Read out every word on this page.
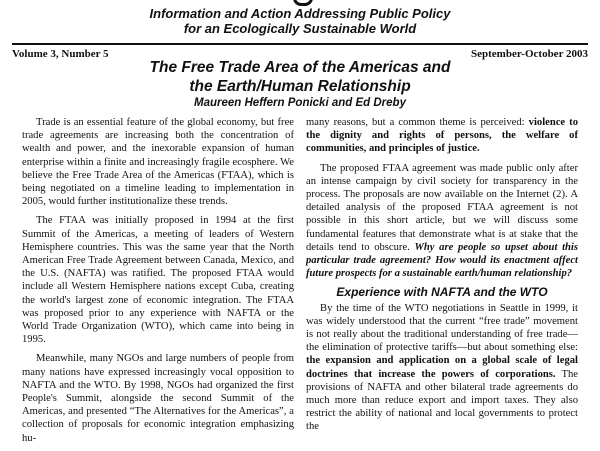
Information and Action Addressing Public Policy
for an Ecologically Sustainable World
Volume 3, Number 5	September-October 2003
The Free Trade Area of the Americas and
the Earth/Human Relationship
Maureen Heffern Ponicki and Ed Dreby

Trade is an essential feature of the global economy, but free trade agreements are increasing both the concentration of wealth and power, and the inexorable expansion of human enterprise within a finite and increasingly fragile ecosphere. We believe the Free Trade Area of the Americas (FTAA), which is being negotiated on a timeline leading to implementation in 2005, would further institutionalize these trends.

The FTAA was initially proposed in 1994 at the first Summit of the Americas, a meeting of leaders of Western Hemisphere countries. This was the same year that the North American Free Trade Agreement between Canada, Mexico, and the U.S. (NAFTA) was ratified. The proposed FTAA would include all Western Hemisphere nations except Cuba, creating the world's largest zone of economic integration. The FTAA was proposed prior to any experience with NAFTA or the World Trade Organization (WTO), which came into being in 1995.

Meanwhile, many NGOs and large numbers of people from many nations have expressed increasingly vocal opposition to NAFTA and the WTO. By 1998, NGOs had organized the first People's Summit, alongside the second Summit of the Americas, and presented “The Alternatives for the Americas”, a collection of proposals for economic integration emphasizing hu-

many reasons, but a common theme is perceived: violence to the dignity and rights of persons, the welfare of communities, and principles of justice.

The proposed FTAA agreement was made public only after an intense campaign by civil society for transparency in the process. The proposals are now available on the Internet (2). A detailed analysis of the proposed FTAA agreement is not possible in this short article, but we will discuss some fundamental features that demonstrate what is at stake that the details tend to obscure. Why are people so upset about this particular trade agreement? How would its enactment affect future prospects for a sustainable earth/human relationship?

Experience with NAFTA and the WTO

By the time of the WTO negotiations in Seattle in 1999, it was widely understood that the current “free trade” movement is not really about the traditional understanding of free trade—the elimination of protective tariffs—but about something else: the expansion and application on a global scale of legal doctrines that increase the powers of corporations. The provisions of NAFTA and other bilateral trade agreements do much more than reduce export and import taxes. They also restrict the ability of national and local governments to protect the
